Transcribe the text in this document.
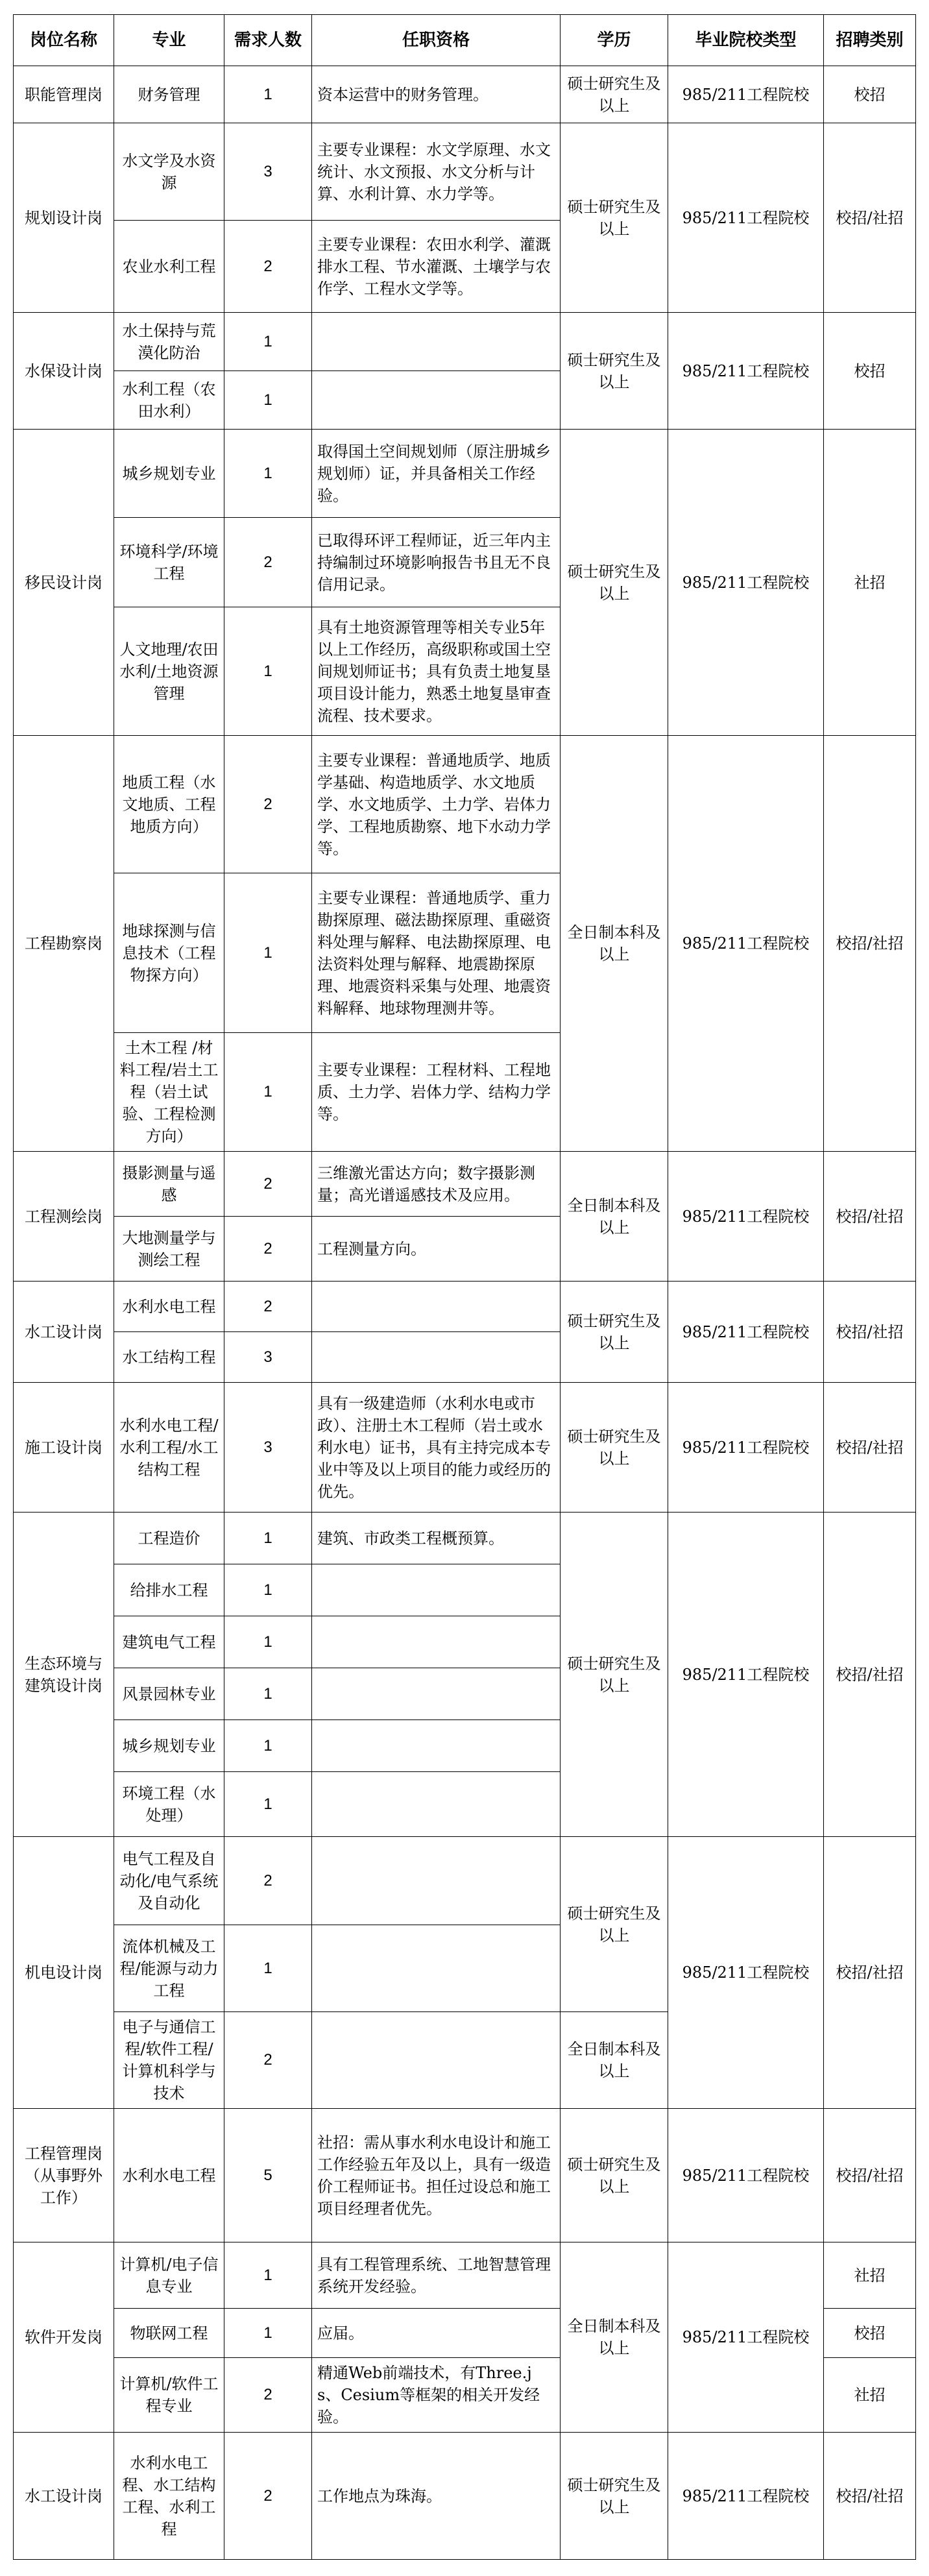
岗位名称	专业	需求人数	任职资格	学历	毕业院校类型	招聘类别
职能管理岗	财务管理	1	资本运营中的财务管理。	硕士研究生及以上	985/211工程院校	校招
规划设计岗	水文学及水资源	3	主要专业课程：水文学原理、水文统计、水文预报、水文分析与计算、水利计算、水力学等。	硕士研究生及以上	985/211工程院校	校招/社招
	农业水利工程	2	主要专业课程：农田水利学、灌溉排水工程、节水灌溉、土壤学与农作学、工程水文学等。			
水保设计岗	水土保持与荒漠化防治	1		硕士研究生及以上	985/211工程院校	校招
	水利工程（农田水利）	1				
移民设计岗	城乡规划专业	1	取得国土空间规划师（原注册城乡规划师）证，并具备相关工作经验。	硕士研究生及以上	985/211工程院校	社招
	环境科学/环境工程	2	已取得环评工程师证，近三年内主持编制过环境影响报告书且无不良信用记录。			
	人文地理/农田水利/土地资源管理	1	具有土地资源管理等相关专业5年以上工作经历，高级职称或国土空间规划师证书；具有负责土地复垦项目设计能力，熟悉土地复垦审查流程、技术要求。			
工程勘察岗	地质工程（水文地质、工程地质方向）	2	主要专业课程：普通地质学、地质学基础、构造地质学、水文地质学、水文地质学、土力学、岩体力学、工程地质勘察、地下水动力学等。	全日制本科及以上	985/211工程院校	校招/社招
	地球探测与信息技术（工程物探方向）	1	主要专业课程：普通地质学、重力勘探原理、磁法勘探原理、重磁资料处理与解释、电法勘探原理、电法资料处理与解释、地震勘探原理、地震资料采集与处理、地震资料解释、地球物理测井等。			
	土木工程 /材料工程/岩土工程（岩土试验、工程检测方向）	1	主要专业课程：工程材料、工程地质、土力学、岩体力学、结构力学等。			
工程测绘岗	摄影测量与遥感	2	三维激光雷达方向；数字摄影测量；高光谱遥感技术及应用。	全日制本科及以上	985/211工程院校	校招/社招
	大地测量学与测绘工程	2	工程测量方向。			
水工设计岗	水利水电工程	2		硕士研究生及以上	985/211工程院校	校招/社招
	水工结构工程	3				
施工设计岗	水利水电工程/水利工程/水工结构工程	3	具有一级建造师（水利水电或市政）、注册土木工程师（岩土或水利水电）证书，具有主持完成本专业中等及以上项目的能力或经历的优先。	硕士研究生及以上	985/211工程院校	校招/社招
生态环境与建筑设计岗	工程造价	1	建筑、市政类工程概预算。	硕士研究生及以上	985/211工程院校	校招/社招
	给排水工程	1				
	建筑电气工程	1				
	风景园林专业	1				
	城乡规划专业	1				
	环境工程（水处理）	1				
机电设计岗	电气工程及自动化/电气系统及自动化	2		硕士研究生及以上	985/211工程院校	校招/社招
	流体机械及工程/能源与动力工程	1				
	电子与通信工程/软件工程/计算机科学与技术	2		全日制本科及以上		
工程管理岗（从事野外工作）	水利水电工程	5	社招：需从事水利水电设计和施工工作经验五年及以上，具有一级造价工程师证书。担任过设总和施工项目经理者优先。	硕士研究生及以上	985/211工程院校	校招/社招
软件开发岗	计算机/电子信息专业	1	具有工程管理系统、工地智慧管理系统开发经验。	全日制本科及以上	985/211工程院校	社招
	物联网工程	1	应届。			校招
	计算机/软件工程专业	2	精通Web前端技术，有Three.js、Cesium等框架的相关开发经验。			社招
水工设计岗	水利水电工程、水工结构工程、水利工程	2	工作地点为珠海。	硕士研究生及以上	985/211工程院校	校招/社招
